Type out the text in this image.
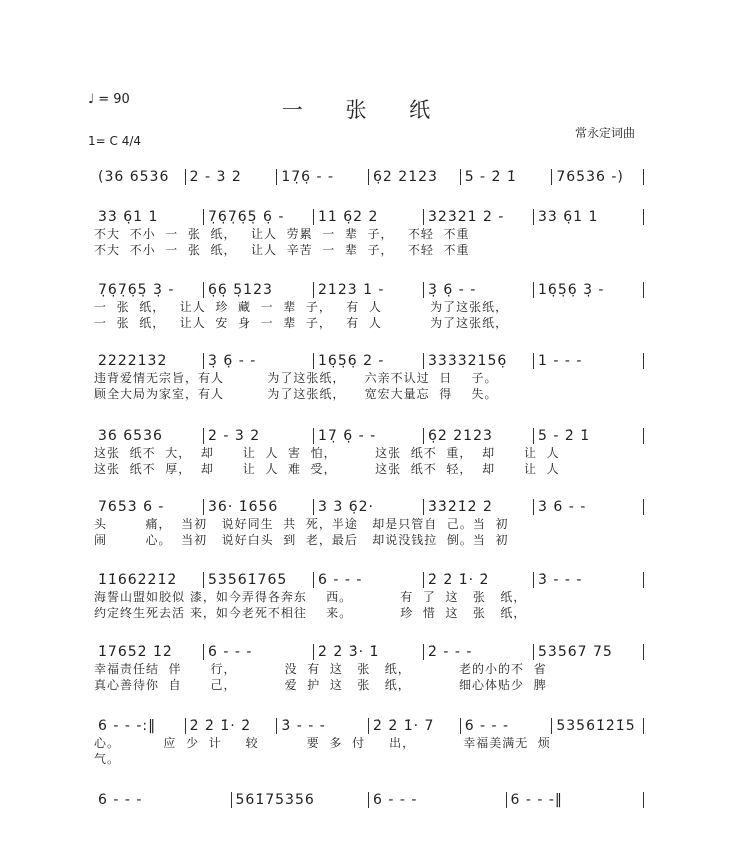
♩ = 90	一 张 纸
1= C 4/4
常永定词曲
(36 6536	2 - 3 2	17̣6̣ - -	6̣2 2123	5 - 2̇ 1̇	76536 -)
33 6̣1 1	7̣6̣7̣6̣5̣ 6̣ -	11 6̣2 2	32321 2 -	33 6̣1 1
不大  不小  一  张  纸，   让人  劳累  一  辈  子，   不轻  不重
不大  不小  一  张  纸，   让人  辛苦  一  辈  子，   不轻  不重
7̣6̣7̣6̣5̣ 3̣ -	6̣6̣ 5̣123	2123 1 -	3̣ 6̣ - -	16̣5̣6̣ 3̣ -
一  张  纸，   让人  珍  藏  一  辈  子，   有  人          为了这张纸，
一  张  纸，   让人  安  身  一  辈  子，   有  人          为了这张纸，
2222132	3̣ 6̣ - -	16̣5̣6̣ 2 -	33332156̣	1 - - -
违背爱情无宗旨，有人         为了这张纸，    六亲不认过  日    子。
顾全大局为家室，有人         为了这张纸，    宽宏大量忘  得    失。
36 6536	2 - 3 2	17̣ 6̣ - -	6̣2 2123	5 - 2̇ 1̇
这张  纸不  大，  却      让  人  害  怕，        这张  纸不  重，  却      让  人
这张  纸不  厚，  却      让  人  难  受，        这张  纸不  轻，  却      让  人
7653 6 -	36· 1̇656	3 3 6̣2·	3̇3̇2̇1̇2̇ 2̇	3 6 - -
头        痛，  当初   说好同生  共  死，半途   却是只管自  己。当  初
闹        心。  当初   说好白头  到  老，最后   却说没钱拉  倒。当  初
1̇1̇662̇2̇1̇2̇	53561̇765	6 - - -	2̇ 2̇ 1̇· 2̇	3̇ - - -
海誓山盟如胶似 漆，如今弄得各奔东    西。          有  了  这   张   纸，
约定终生死去活 来，如今老死不相往    来。          珍  惜  这   张   纸，
1̇7652̇ 1̇2̇	6 - - -	2̇ 2̇ 3̇· 1̇	2̇ - - -	53567 75
幸福责任结  伴      行，          没  有  这   张   纸，          老的小的不  省
真心善待你  自      己，          爱  护  这   张   纸，          细心体贴少  脾
6 - - -:‖	2̇ 2̇ 1̇· 2̇	3̇ - - -	2̇ 2̇ 1̇· 7	6 - - -	53561̇2̇1̇5
心。         应  少  计     较          要  多  付     出，          幸福美满无  烦
气。
6 - - -	561̇75356	6 - - -	6 - - -‖
